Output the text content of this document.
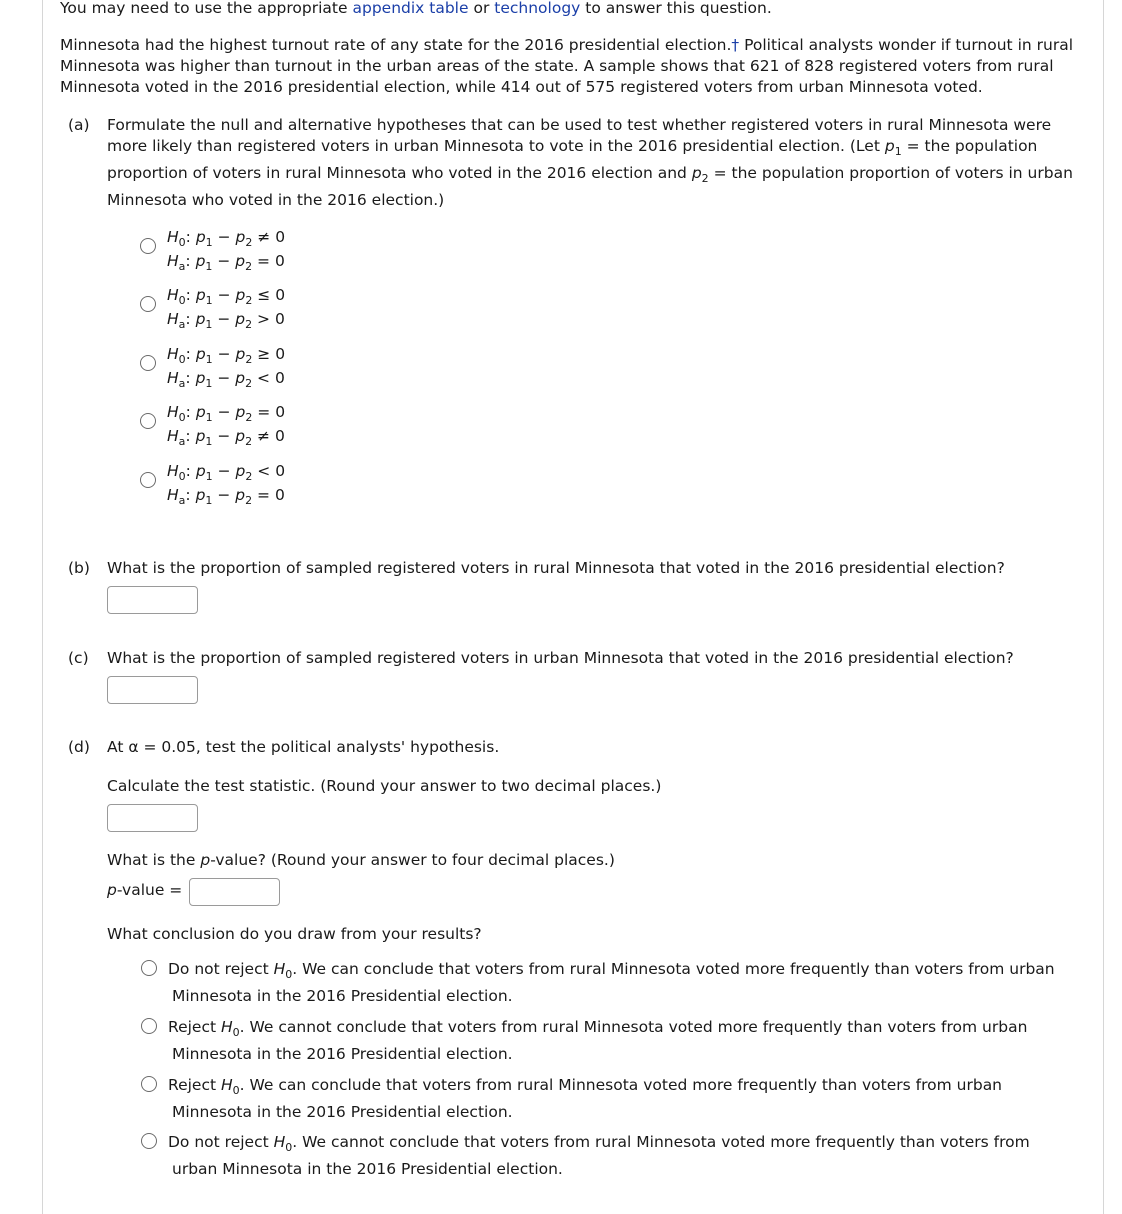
You may need to use the appropriate appendix table or technology to answer this question.
Minnesota had the highest turnout rate of any state for the 2016 presidential election.† Political analysts wonder if turnout in rural
Minnesota was higher than turnout in the urban areas of the state. A sample shows that 621 of 828 registered voters from rural
Minnesota voted in the 2016 presidential election, while 414 out of 575 registered voters from urban Minnesota voted.
(a) Formulate the null and alternative hypotheses that can be used to test whether registered voters in rural Minnesota were
more likely than registered voters in urban Minnesota to vote in the 2016 presidential election. (Let $p_1$ = the population
proportion of voters in rural Minnesota who voted in the 2016 election and $p_2$ = the population proportion of voters in urban
Minnesota who voted in the 2016 election.)
$H_0$: $p_1 - p_2 \ne 0$
$H_a$: $p_1 - p_2 = 0$
$H_0$: $p_1 - p_2 \le 0$
$H_a$: $p_1 - p_2 > 0$
$H_0$: $p_1 - p_2 \ge 0$
$H_a$: $p_1 - p_2 < 0$
$H_0$: $p_1 - p_2 = 0$
$H_a$: $p_1 - p_2 \ne 0$
$H_0$: $p_1 - p_2 < 0$
$H_a$: $p_1 - p_2 = 0$
(b) What is the proportion of sampled registered voters in rural Minnesota that voted in the 2016 presidential election?
(c) What is the proportion of sampled registered voters in urban Minnesota that voted in the 2016 presidential election?
(d) At α = 0.05, test the political analysts' hypothesis.
Calculate the test statistic. (Round your answer to two decimal places.)
What is the p-value? (Round your answer to four decimal places.)
p-value =
What conclusion do you draw from your results?
Do not reject $H_0$. We can conclude that voters from rural Minnesota voted more frequently than voters from urban
Minnesota in the 2016 Presidential election.
Reject $H_0$. We cannot conclude that voters from rural Minnesota voted more frequently than voters from urban
Minnesota in the 2016 Presidential election.
Reject $H_0$. We can conclude that voters from rural Minnesota voted more frequently than voters from urban
Minnesota in the 2016 Presidential election.
Do not reject $H_0$. We cannot conclude that voters from rural Minnesota voted more frequently than voters from
urban Minnesota in the 2016 Presidential election.
